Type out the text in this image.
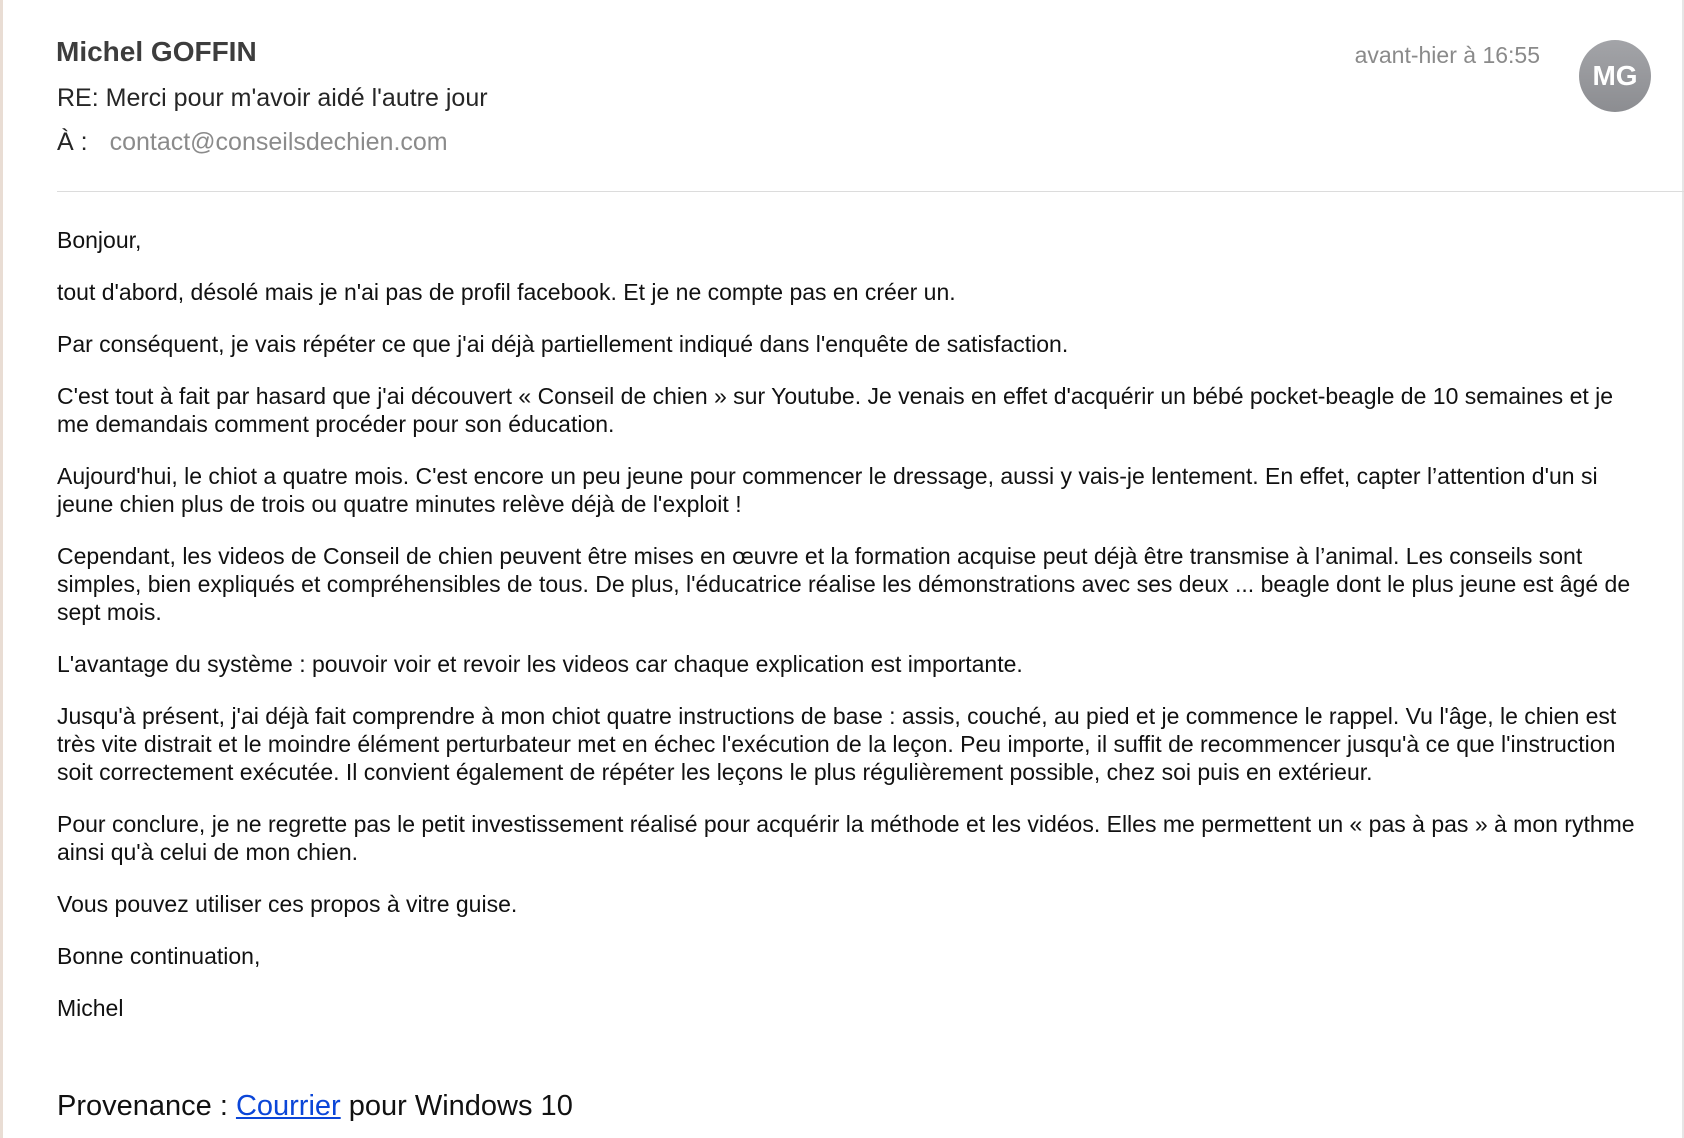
Michel GOFFIN
RE: Merci pour m'avoir aidé l'autre jour
À : contact@conseilsdechien.com
avant-hier à 16:55
MG

Bonjour,

tout d'abord, désolé mais je n'ai pas de profil facebook. Et je ne compte pas en créer un.

Par conséquent, je vais répéter ce que j'ai déjà partiellement indiqué dans l'enquête de satisfaction.

C'est tout à fait par hasard que j'ai découvert « Conseil de chien » sur Youtube. Je venais en effet d'acquérir un bébé pocket-beagle de 10 semaines et je me demandais comment procéder pour son éducation.

Aujourd'hui, le chiot a quatre mois. C'est encore un peu jeune pour commencer le dressage, aussi y vais-je lentement. En effet, capter l’attention d'un si jeune chien plus de trois ou quatre minutes relève déjà de l'exploit !

Cependant, les videos de Conseil de chien peuvent être mises en œuvre et la formation acquise peut déjà être transmise à l’animal. Les conseils sont simples, bien expliqués et compréhensibles de tous. De plus, l'éducatrice réalise les démonstrations avec ses deux ... beagle dont le plus jeune est âgé de sept mois.

L'avantage du système : pouvoir voir et revoir les videos car chaque explication est importante.

Jusqu'à présent, j'ai déjà fait comprendre à mon chiot quatre instructions de base : assis, couché, au pied et je commence le rappel. Vu l'âge, le chien est très vite distrait et le moindre élément perturbateur met en échec l'exécution de la leçon. Peu importe, il suffit de recommencer jusqu'à ce que l'instruction soit correctement exécutée. Il convient également de répéter les leçons le plus régulièrement possible, chez soi puis en extérieur.

Pour conclure, je ne regrette pas le petit investissement réalisé pour acquérir la méthode et les vidéos. Elles me permettent un « pas à pas » à mon rythme ainsi qu'à celui de mon chien.

Vous pouvez utiliser ces propos à vitre guise.

Bonne continuation,

Michel

Provenance : Courrier pour Windows 10
